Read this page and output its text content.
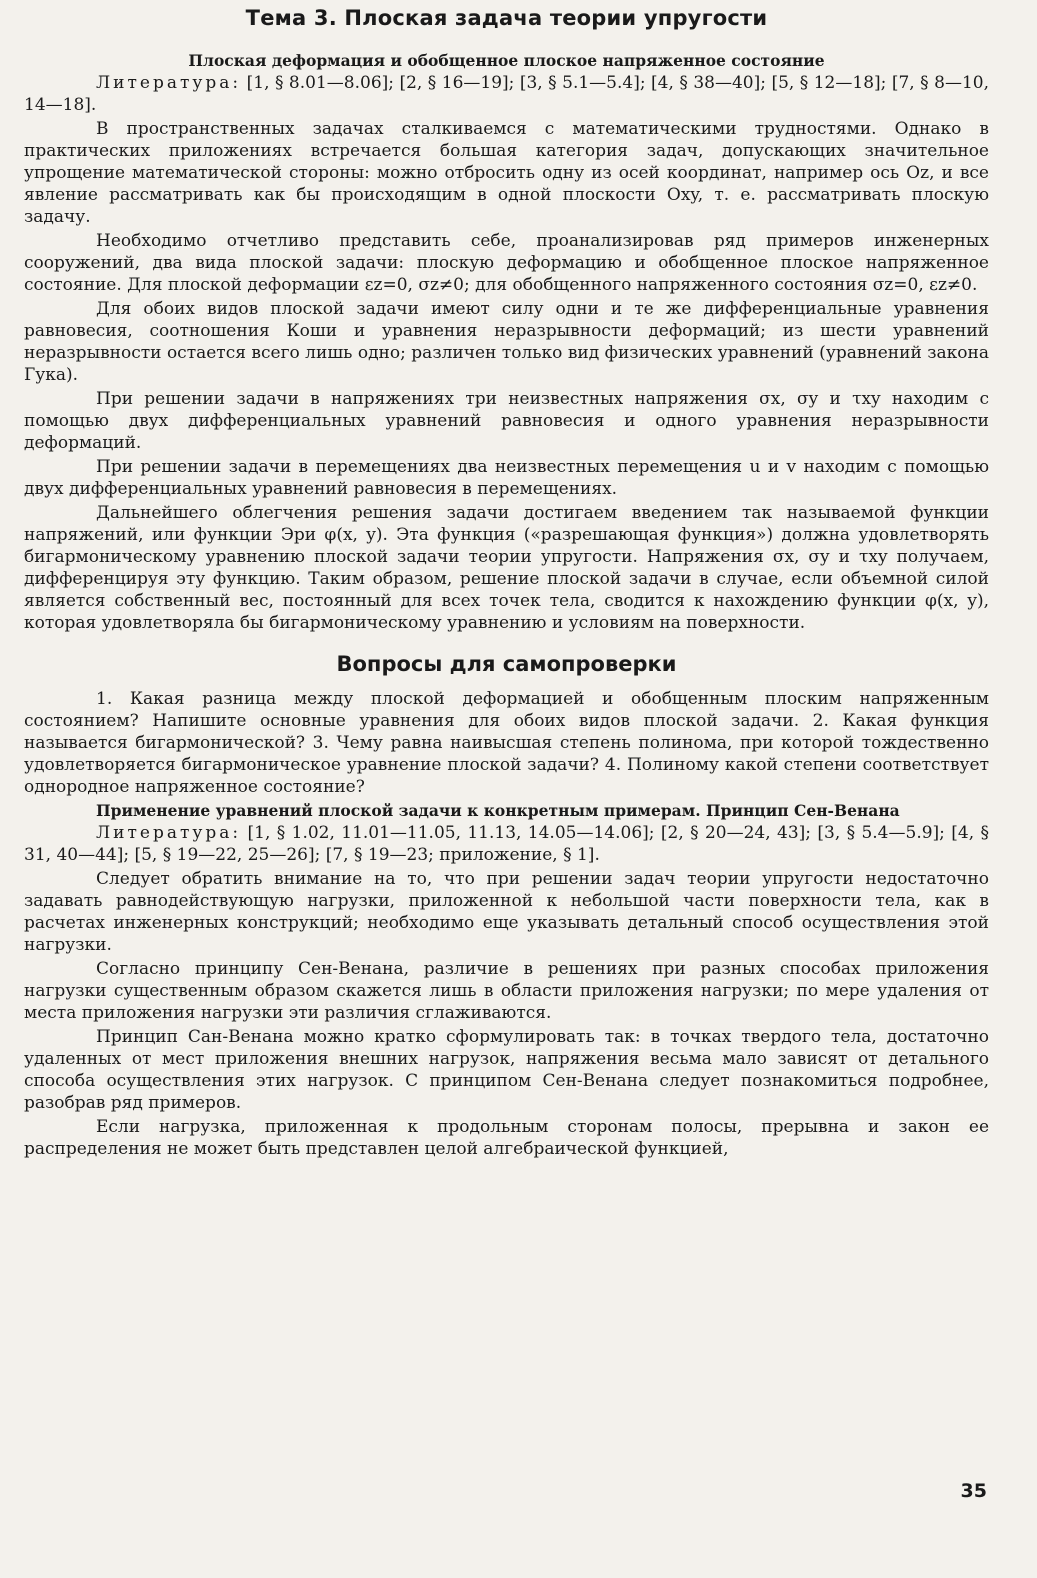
Тема 3. Плоская задача теории упругости

Плоская деформация и обобщенное плоское напряженное состояние

Литература: [1, § 8.01—8.06]; [2, § 16—19]; [3, § 5.1—5.4]; [4, § 38—40]; [5, § 12—18]; [7, § 8—10, 14—18].

В пространственных задачах сталкиваемся с математическими трудностями. Однако в практических приложениях встречается большая категория задач, допускающих значительное упрощение математической стороны: можно отбросить одну из осей координат, например ось Oz, и все явление рассматривать как бы происходящим в одной плоскости Oxy, т. е. рассматривать плоскую задачу.

Необходимо отчетливо представить себе, проанализировав ряд примеров инженерных сооружений, два вида плоской задачи: плоскую деформацию и обобщенное плоское напряженное состояние. Для плоской деформации εz=0, σz≠0; для обобщенного напряженного состояния σz=0, εz≠0.

Для обоих видов плоской задачи имеют силу одни и те же дифференциальные уравнения равновесия, соотношения Коши и уравнения неразрывности деформаций; из шести уравнений неразрывности остается всего лишь одно; различен только вид физических уравнений (уравнений закона Гука).

При решении задачи в напряжениях три неизвестных напряжения σx, σy и τxy находим с помощью двух дифференциальных уравнений равновесия и одного уравнения неразрывности деформаций.

При решении задачи в перемещениях два неизвестных перемещения u и v находим с помощью двух дифференциальных уравнений равновесия в перемещениях.

Дальнейшего облегчения решения задачи достигаем введением так называемой функции напряжений, или функции Эри φ(x, y). Эта функция («разрешающая функция») должна удовлетворять бигармоническому уравнению плоской задачи теории упругости. Напряжения σx, σy и τxy получаем, дифференцируя эту функцию. Таким образом, решение плоской задачи в случае, если объемной силой является собственный вес, постоянный для всех точек тела, сводится к нахождению функции φ(x, y), которая удовлетворяла бы бигармоническому уравнению и условиям на поверхности.

Вопросы для самопроверки

1. Какая разница между плоской деформацией и обобщенным плоским напряженным состоянием? Напишите основные уравнения для обоих видов плоской задачи. 2. Какая функция называется бигармонической? 3. Чему равна наивысшая степень полинома, при которой тождественно удовлетворяется бигармоническое уравнение плоской задачи? 4. Полиному какой степени соответствует однородное напряженное состояние?

Применение уравнений плоской задачи к конкретным примерам. Принцип Сен-Венана

Литература: [1, § 1.02, 11.01—11.05, 11.13, 14.05—14.06]; [2, § 20—24, 43]; [3, § 5.4—5.9]; [4, § 31, 40—44]; [5, § 19—22, 25—26]; [7, § 19—23; приложение, § 1].

Следует обратить внимание на то, что при решении задач теории упругости недостаточно задавать равнодействующую нагрузки, приложенной к небольшой части поверхности тела, как в расчетах инженерных конструкций; необходимо еще указывать детальный способ осуществления этой нагрузки.

Согласно принципу Сен-Венана, различие в решениях при разных способах приложения нагрузки существенным образом скажется лишь в области приложения нагрузки; по мере удаления от места приложения нагрузки эти различия сглаживаются.

Принцип Сан-Венана можно кратко сформулировать так: в точках твердого тела, достаточно удаленных от мест приложения внешних нагрузок, напряжения весьма мало зависят от детального способа осуществления этих нагрузок. С принципом Сен-Венана следует познакомиться подробнее, разобрав ряд примеров.

Если нагрузка, приложенная к продольным сторонам полосы, прерывна и закон ее распределения не может быть представлен целой алгебраической функцией,

35
